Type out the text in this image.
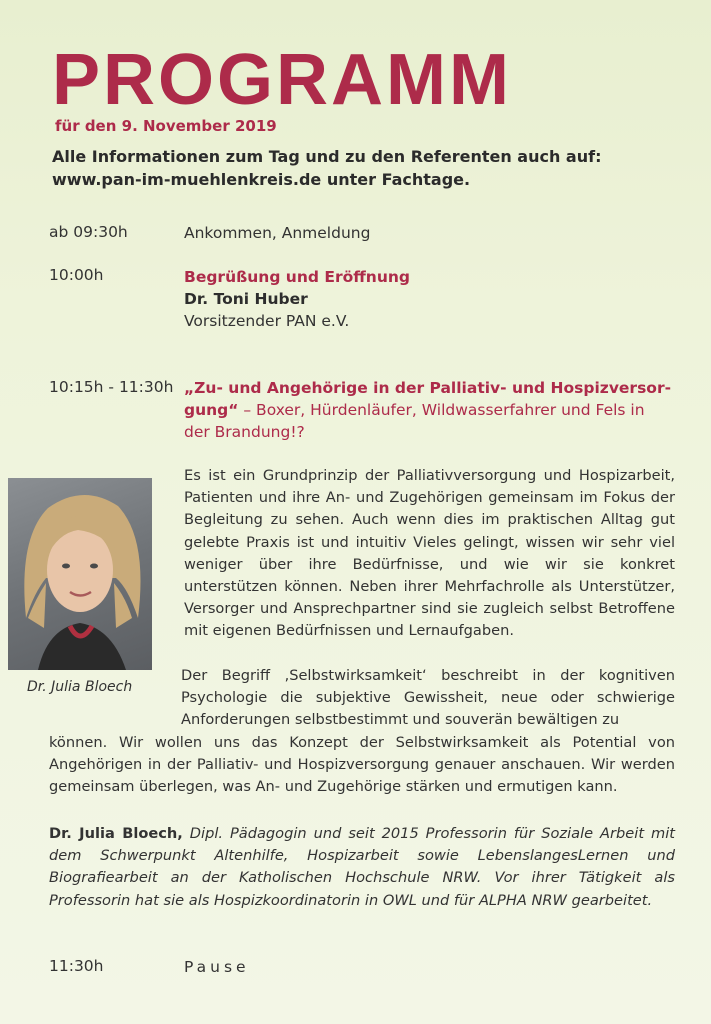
PROGRAMM
für den 9. November 2019
Alle Informationen zum Tag und zu den Referenten auch auf:
www.pan-im-muehlenkreis.de unter Fachtage.
ab 09:30h	Ankommen, Anmeldung
10:00h	Begrüßung und Eröffnung
Dr. Toni Huber
Vorsitzender PAN e.V.
10:15h - 11:30h „Zu- und Angehörige in der Palliativ- und Hospizversor-
gung“ – Boxer, Hürdenläufer, Wildwasserfahrer und Fels in
der Brandung!?
Es ist ein Grundprinzip der Palliativversorgung und Hospizarbeit, Patienten und ihre An- und Zugehörigen gemeinsam im Fokus der Begleitung zu sehen. Auch wenn dies im praktischen Alltag gut gelebte Praxis ist und intuitiv Vieles gelingt, wissen wir sehr viel weniger über ihre Bedürfnisse, und wie wir sie konkret unterstützen können. Neben ihrer Mehrfachrolle als Unterstützer, Versorger und Ansprechpartner sind sie zugleich selbst Betroffene mit eigenen Bedürfnissen und Lernaufgaben.
Dr. Julia Bloech
Der Begriff ‚Selbstwirksamkeit‘ beschreibt in der kognitiven Psychologie die subjektive Gewissheit, neue oder schwierige Anforderungen selbstbestimmt und souverän bewältigen zu
können. Wir wollen uns das Konzept der Selbstwirksamkeit als Potential von Angehörigen in der Palliativ- und Hospizversorgung genauer anschauen. Wir werden gemeinsam überlegen, was An- und Zugehörige stärken und ermutigen kann.
Dr. Julia Bloech, Dipl. Pädagogin und seit 2015 Professorin für Soziale Arbeit mit dem Schwerpunkt Altenhilfe, Hospizarbeit sowie LebenslangesLernen und Biografiearbeit an der Katholischen Hochschule NRW. Vor ihrer Tätigkeit als Professorin hat sie als Hospizkoordinatorin in OWL und für ALPHA NRW gearbeitet.
11:30h	Pause
